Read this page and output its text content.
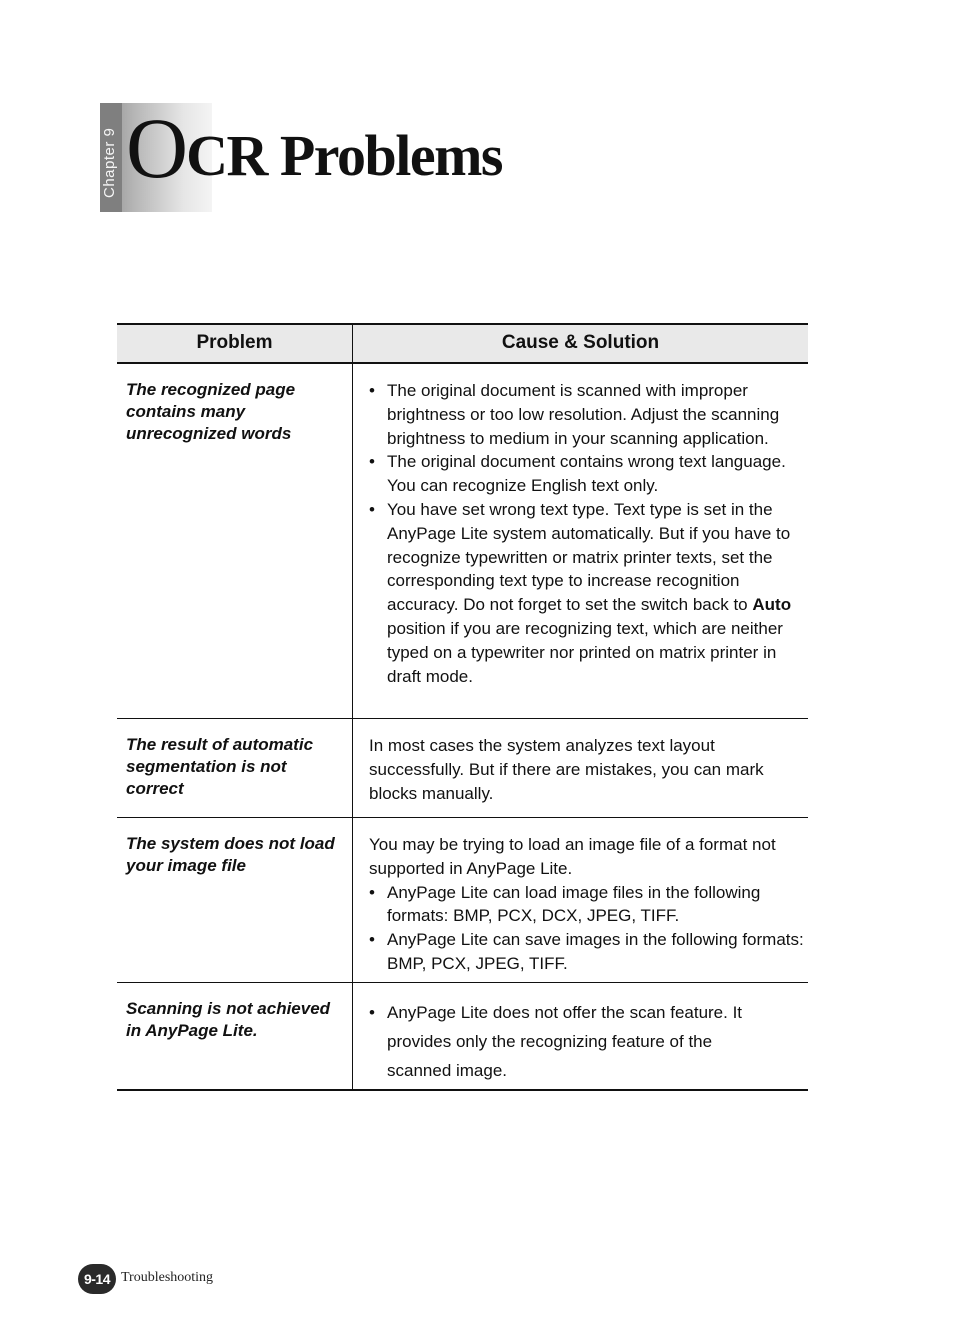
Chapter 9 OCR Problems
Problem	Cause & Solution
The recognized page contains many unrecognized words
• The original document is scanned with improper brightness or too low resolution. Adjust the scanning brightness to medium in your scanning application.
• The original document contains wrong text language. You can recognize English text only.
• You have set wrong text type. Text type is set in the AnyPage Lite system automatically. But if you have to recognize typewritten or matrix printer texts, set the corresponding text type to increase recognition accuracy. Do not forget to set the switch back to Auto position if you are recognizing text, which are neither typed on a typewriter nor printed on matrix printer in draft mode.
The result of automatic segmentation is not correct

In most cases the system analyzes text layout successfully. But if there are mistakes, you can mark blocks manually.

The system does not load your image file

You may be trying to load an image file of a format not supported in AnyPage Lite.

• AnyPage Lite can load image files in the following formats: BMP, PCX, DCX, JPEG, TIFF.
• AnyPage Lite can save images in the following formats: BMP, PCX, JPEG, TIFF.
Scanning is not achieved in AnyPage Lite.
• AnyPage Lite does not offer the scan feature. It provides only the recognizing feature of the scanned image.
9-14 Troubleshooting
